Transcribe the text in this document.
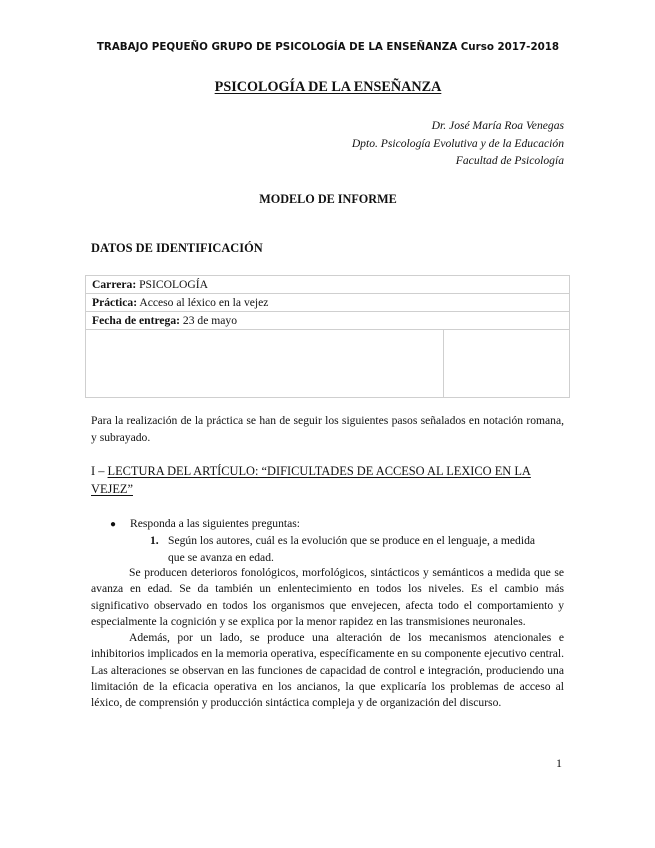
TRABAJO PEQUEÑO GRUPO DE PSICOLOGÍA DE LA ENSEÑANZA Curso 2017-2018
PSICOLOGÍA DE LA ENSEÑANZA
Dr. José María Roa Venegas
Dpto. Psicología Evolutiva y de la Educación
Facultad de Psicología
MODELO DE INFORME
DATOS DE IDENTIFICACIÓN
Carrera: PSICOLOGÍA
Práctica: Acceso al léxico en la vejez
Fecha de entrega: 23 de mayo

Para la realización de la práctica se han de seguir los siguientes pasos señalados en notación romana, y subrayado.
I – LECTURA DEL ARTÍCULO: “DIFICULTADES DE ACCESO AL LEXICO EN LA VEJEZ”
● Responda a las siguientes preguntas:
1. Según los autores, cuál es la evolución que se produce en el lenguaje, a medida que se avanza en edad.

Se producen deterioros fonológicos, morfológicos, sintácticos y semánticos a medida que se avanza en edad. Se da también un enlentecimiento en todos los niveles. Es el cambio más significativo observado en todos los organismos que envejecen, afecta todo el comportamiento y especialmente la cognición y se explica por la menor rapidez en las transmisiones neuronales.

Además, por un lado, se produce una alteración de los mecanismos atencionales e inhibitorios implicados en la memoria operativa, específicamente en su componente ejecutivo central. Las alteraciones se observan en las funciones de capacidad de control e integración, produciendo una limitación de la eficacia operativa en los ancianos, la que explicaría los problemas de acceso al léxico, de comprensión y producción sintáctica compleja y de organización del discurso.

1
